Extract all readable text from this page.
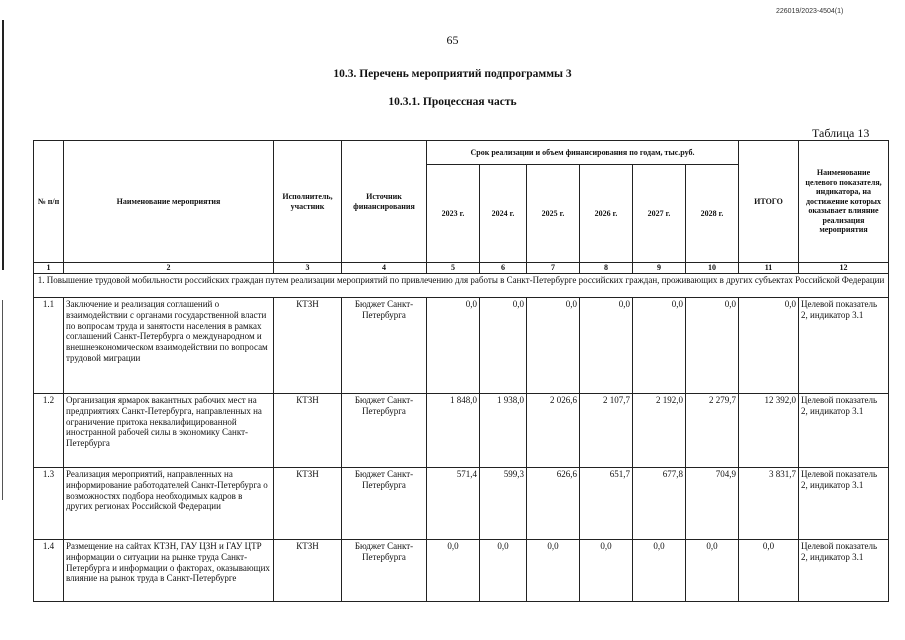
226019/2023-4504(1)
65
10.3. Перечень мероприятий подпрограммы 3
10.3.1. Процессная часть
Таблица 13
№ п/п	Наименование мероприятия	Исполнитель, участник	Источник финансирования	Срок реализации и объем финансирования по годам, тыс.руб.						ИТОГО	Наименование целевого показателя, индикатора, на достижение которых оказывает влияние реализация мероприятия
				2023 г.	2024 г.	2025 г.	2026 г.	2027 г.	2028 г.		
1	2	3	4	5	6	7	8	9	10	11	12
1. Повышение трудовой мобильности российских граждан путем реализации мероприятий по привлечению для работы в Санкт-Петербурге российских граждан, проживающих в других субъектах Российской Федерации											
1.1	Заключение и реализация соглашений о взаимодействии с органами государственной власти по вопросам труда и занятости населения в рамках соглашений Санкт-Петербурга о международном и внешнеэкономическом взаимодействии по вопросам трудовой миграции	КТЗН	Бюджет Санкт-Петербурга	0,0	0,0	0,0	0,0	0,0	0,0	0,0	Целевой показатель 2, индикатор 3.1
1.2	Организация ярмарок вакантных рабочих мест на предприятиях Санкт-Петербурга, направленных на ограничение притока неквалифицированной иностранной рабочей силы в экономику Санкт-Петербурга	КТЗН	Бюджет Санкт-Петербурга	1 848,0	1 938,0	2 026,6	2 107,7	2 192,0	2 279,7	12 392,0	Целевой показатель 2, индикатор 3.1
1.3	Реализация мероприятий, направленных на информирование работодателей Санкт-Петербурга о возможностях подбора необходимых кадров в других регионах Российской Федерации	КТЗН	Бюджет Санкт-Петербурга	571,4	599,3	626,6	651,7	677,8	704,9	3 831,7	Целевой показатель 2, индикатор 3.1
1.4	Размещение на сайтах КТЗН, ГАУ ЦЗН и ГАУ ЦТР информации о ситуации на рынке труда Санкт-Петербурга и информации о факторах, оказывающих влияние на рынок труда в Санкт-Петербурге	КТЗН	Бюджет Санкт-Петербурга	0,0	0,0	0,0	0,0	0,0	0,0	0,0	Целевой показатель 2, индикатор 3.1
